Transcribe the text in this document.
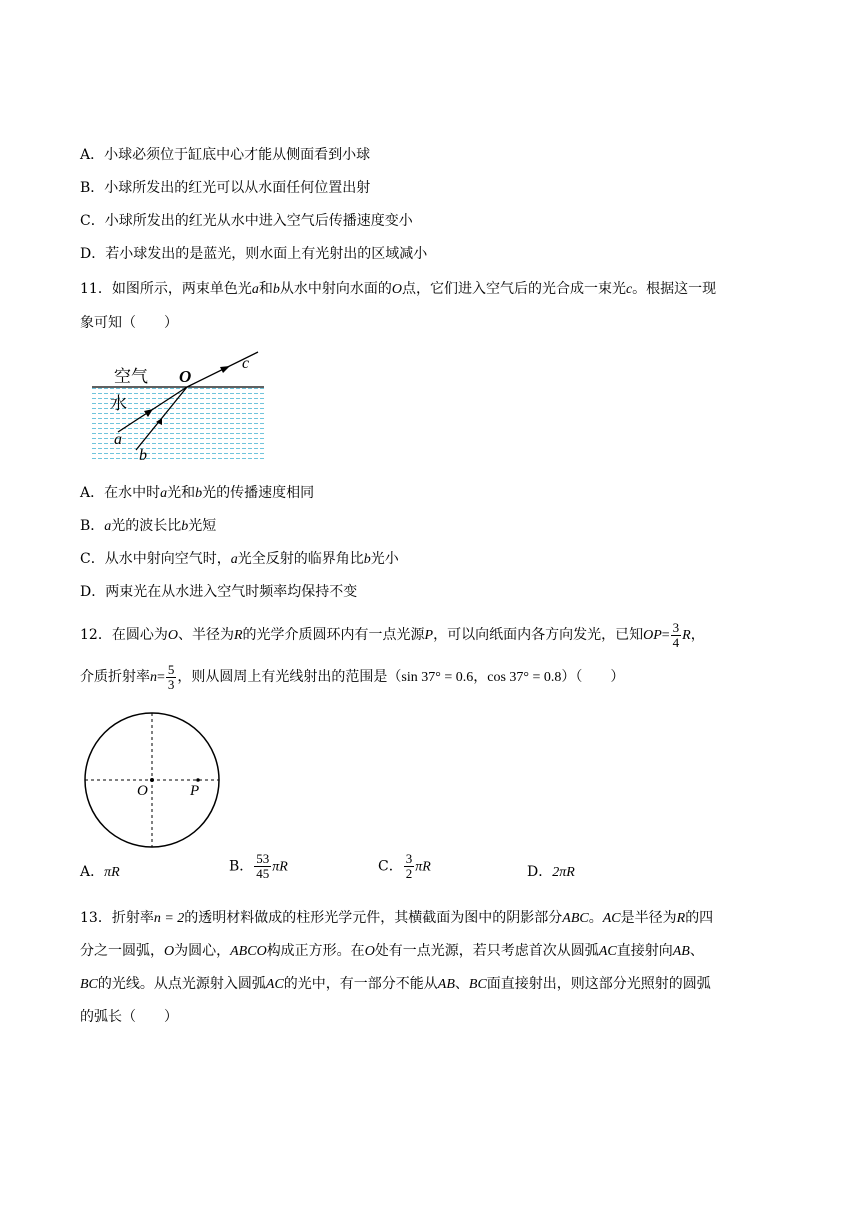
A．小球必须位于缸底中心才能从侧面看到小球
B．小球所发出的红光可以从水面任何位置出射
C．小球所发出的红光从水中进入空气后传播速度变小
D．若小球发出的是蓝光，则水面上有光射出的区域减小
11．如图所示，两束单色光a和b从水中射向水面的O点，它们进入空气后的光合成一束光c。根据这一现
象可知（　　）
空气
水
O
c
a
b
A．在水中时a光和b光的传播速度相同
B．a光的波长比b光短
C．从水中射向空气时，a光全反射的临界角比b光小
D．两束光在从水进入空气时频率均保持不变
12．在圆心为O、半径为R的光学介质圆环内有一点光源P，可以向纸面内各方向发光，已知$OP= \frac{3}{4}$ R，
介质折射率$n= \frac{5}{3}$ ，则从圆周上有光线射出的范围是（sin 37° = 0.6，cos 37° = 0.8）（　　）
O	P
A．πR	B． $\frac{53}{45}$ πR	C． $\frac{3}{2}$ πR	D．2πR
13．折射率n = 2的透明材料做成的柱形光学元件，其横截面为图中的阴影部分ABC。AC是半径为R的四
分之一圆弧，O为圆心，ABCO构成正方形。在O处有一点光源，若只考虑首次从圆弧AC直接射向AB、
BC的光线。从点光源射入圆弧AC的光中，有一部分不能从AB、BC面直接射出，则这部分光照射的圆弧
的弧长（　　）
